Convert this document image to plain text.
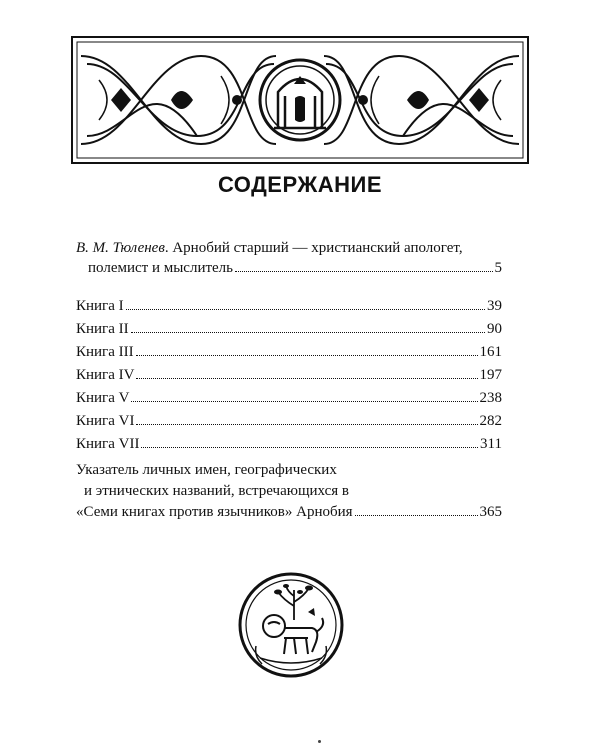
СОДЕРЖАНИЕ
В. М. Тюленев. Арнобий старший — христианский апологет,
полемист и мыслитель	5
Книга I	39
Книга II	90
Книга III	161
Книга IV	197
Книга V	238
Книга VI	282
Книга VII	311
Указатель личных имен, географических
и этнических названий, встречающихся в
«Семи книгах против язычников» Арнобия	365
